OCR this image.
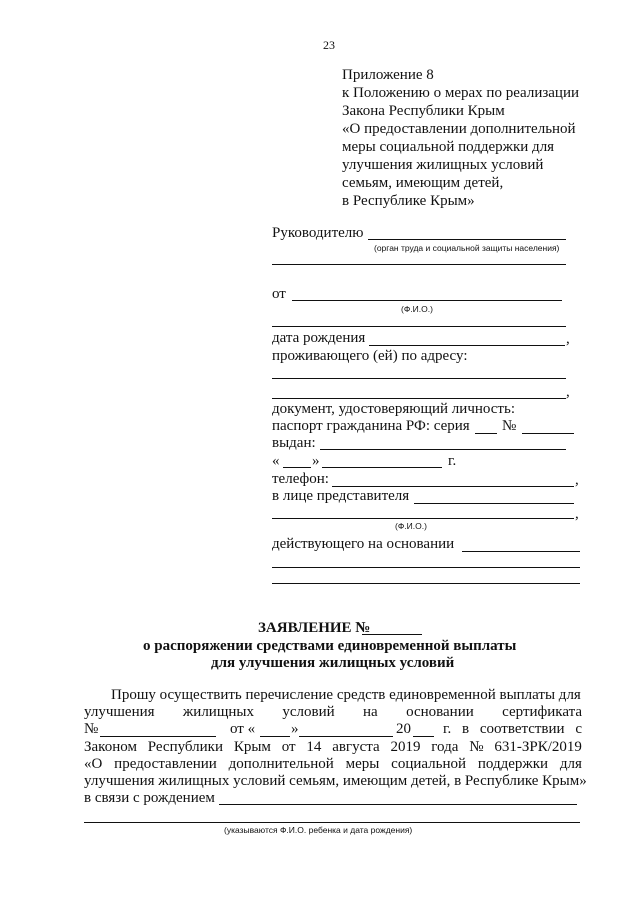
23
Приложение 8
к Положению о мерах по реализации
Закона Республики Крым
«О предоставлении дополнительной
меры социальной поддержки для
улучшения жилищных условий
семьям, имеющим детей,
в Республике Крым»
Руководителю
(орган труда и социальной защиты населения)
от
(Ф.И.О.)
дата рождения	,
проживающего (ей) по адресу:
,
документ, удостоверяющий личность:
паспорт гражданина РФ: серия №
выдан:
« »	г.
телефон:	,
в лице представителя
,
(Ф.И.О.)
действующего на основании
ЗАЯВЛЕНИЕ №
о распоряжении средствами единовременной выплаты
для улучшения жилищных условий
Прошу осуществить перечисление средств единовременной выплаты для
улучшения жилищных условий на основании сертификата
№	от « »	20 г. в соответствии с
Законом Республики Крым от 14 августа 2019 года № 631-ЗРК/2019
«О предоставлении дополнительной меры социальной поддержки для
улучшения жилищных условий семьям, имеющим детей, в Республике Крым»
в связи с рождением
(указываются Ф.И.О. ребенка и дата рождения)
